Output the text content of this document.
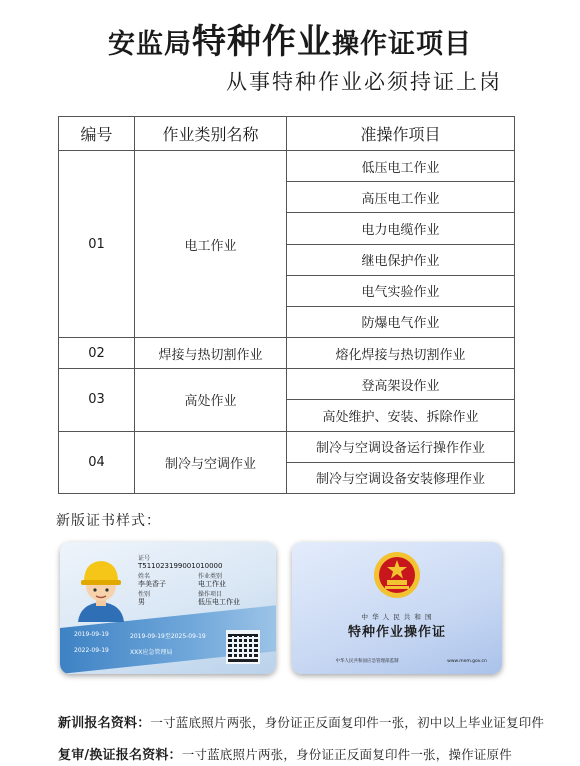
安监局特种作业操作证项目
从事特种作业必须持证上岗
编号	作业类别名称	准操作项目
01	电工作业	低压电工作业
		高压电工作业
		电力电缆作业
		继电保护作业
		电气实验作业
		防爆电气作业
02	焊接与热切割作业	熔化焊接与热切割作业
03	高处作业	登高架设作业
		高处维护、安装、拆除作业
04	制冷与空调作业	制冷与空调设备运行操作作业
		制冷与空调设备安装修理作业
新版证书样式：
证号
T511023199001010000
姓名
李美香子
性别
男
作业类别
电工作业
操作项目
低压电工作业
2019-09-19	2019-09-19至2025-09-19
2022-09-19	XXX应急管理局
中 华 人 民 共 和 国
特种作业操作证
中华人民共和国应急管理部监制	www.mem.gov.cn
新训报名资料：一寸蓝底照片两张，身份证正反面复印件一张，初中以上毕业证复印件
复审/换证报名资料：一寸蓝底照片两张，身份证正反面复印件一张，操作证原件
